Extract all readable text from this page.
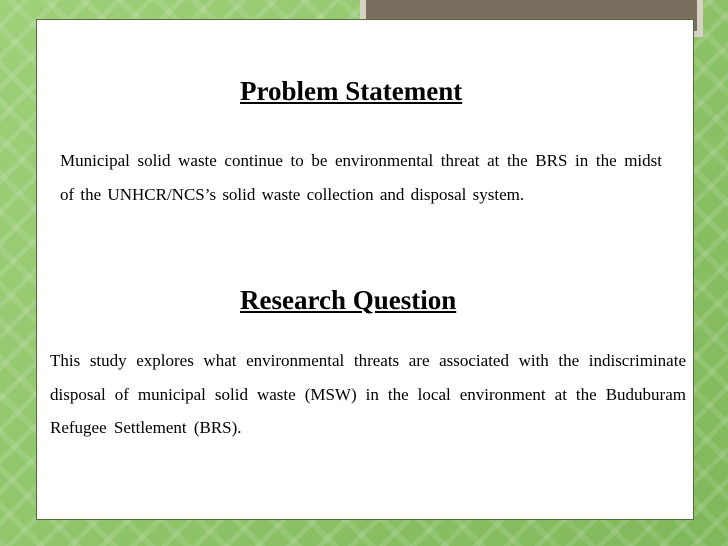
Problem Statement

Municipal solid waste continue to be environmental threat at the BRS in the midst of the UNHCR/NCS’s solid waste collection and disposal system.

Research Question

This study explores what environmental threats are associated with the indiscriminate disposal of municipal solid waste (MSW) in the local environment at the Buduburam Refugee Settlement (BRS).
